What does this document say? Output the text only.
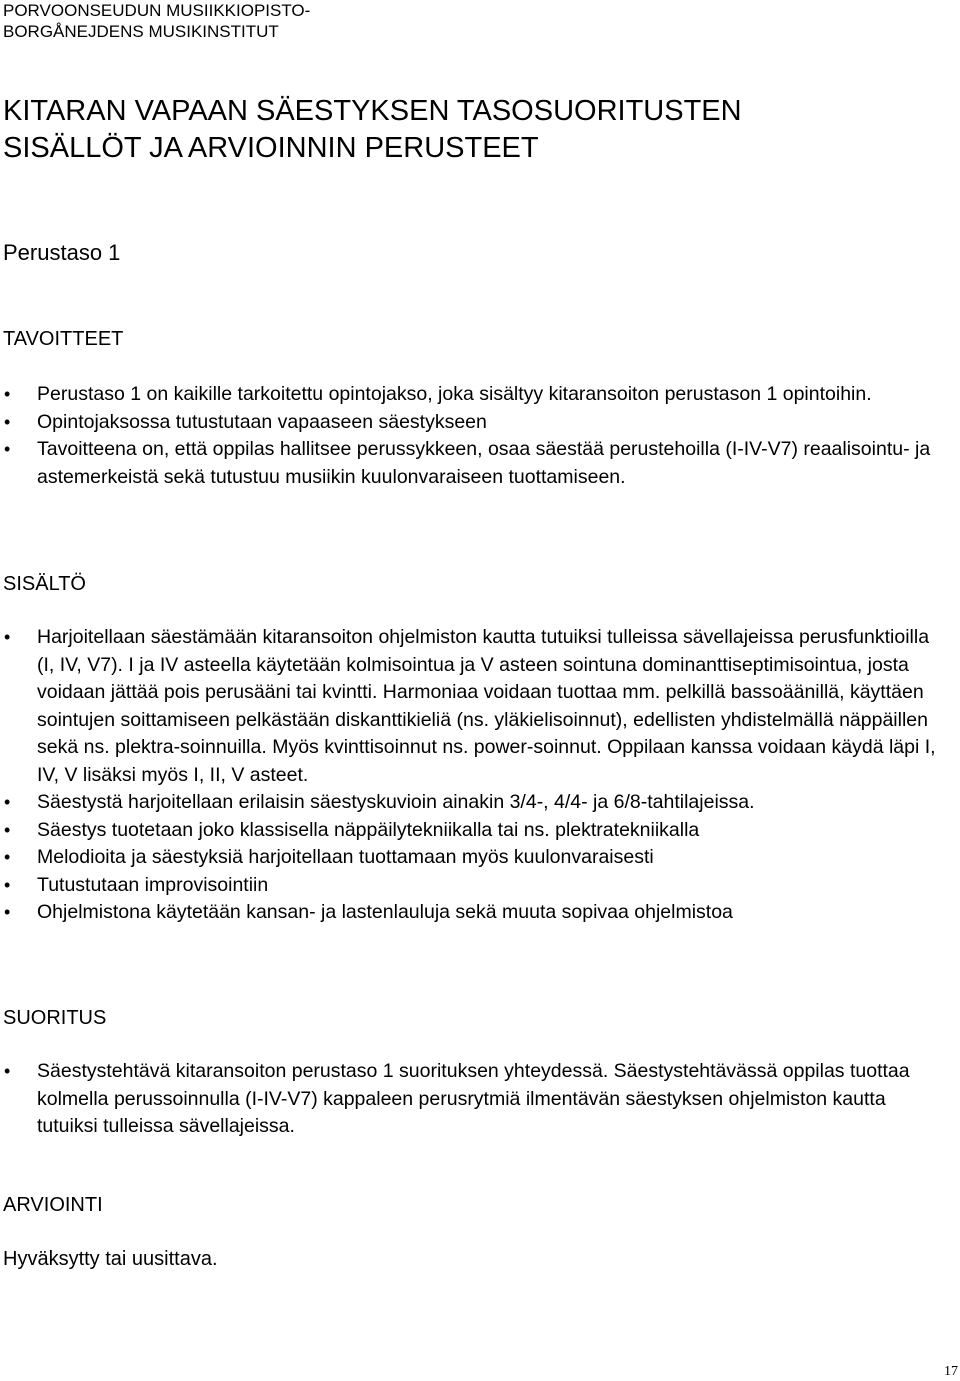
PORVOONSEUDUN MUSIIKKIOPISTO-
BORGÅNEJDENS MUSIKINSTITUT
KITARAN VAPAAN SÄESTYKSEN TASOSUORITUSTEN
SISÄLLÖT JA ARVIOINNIN PERUSTEET
Perustaso 1
TAVOITTEET
• Perustaso 1 on kaikille tarkoitettu opintojakso, joka sisältyy kitaransoiton perustason 1 opintoihin.
• Opintojaksossa tutustutaan vapaaseen säestykseen
• Tavoitteena on, että oppilas hallitsee perussykkeen, osaa säestää perustehoilla (I-IV-V7) reaalisointu- ja astemerkeistä sekä tutustuu musiikin kuulonvaraiseen tuottamiseen.
SISÄLTÖ
• Harjoitellaan säestämään kitaransoiton ohjelmiston kautta tutuiksi tulleissa sävellajeissa perusfunktioilla (I, IV, V7). I ja IV asteella käytetään kolmisointua ja V asteen sointuna dominanttiseptimisointua, josta voidaan jättää pois perusääni tai kvintti. Harmoniaa voidaan tuottaa mm. pelkillä bassoäänillä, käyttäen sointujen soittamiseen pelkästään diskanttikieliä (ns. yläkielisoinnut), edellisten yhdistelmällä näppäillen sekä ns. plektra-soinnuilla. Myös kvinttisoinnut ns. power-soinnut. Oppilaan kanssa voidaan käydä läpi I, IV, V lisäksi myös I, II, V asteet.
• Säestystä harjoitellaan erilaisin säestyskuvioin ainakin 3/4-, 4/4- ja 6/8-tahtilajeissa.
• Säestys tuotetaan joko klassisella näppäilytekniikalla tai ns. plektratekniikalla
• Melodioita ja säestyksiä harjoitellaan tuottamaan myös kuulonvaraisesti
• Tutustutaan improvisointiin
• Ohjelmistona käytetään kansan- ja lastenlauluja sekä muuta sopivaa ohjelmistoa
SUORITUS
• Säestystehtävä kitaransoiton perustaso 1 suorituksen yhteydessä. Säestystehtävässä oppilas tuottaa kolmella perussoinnulla (I-IV-V7) kappaleen perusrytmiä ilmentävän säestyksen ohjelmiston kautta tutuiksi tulleissa sävellajeissa.
ARVIOINTI

Hyväksytty tai uusittava.

17
